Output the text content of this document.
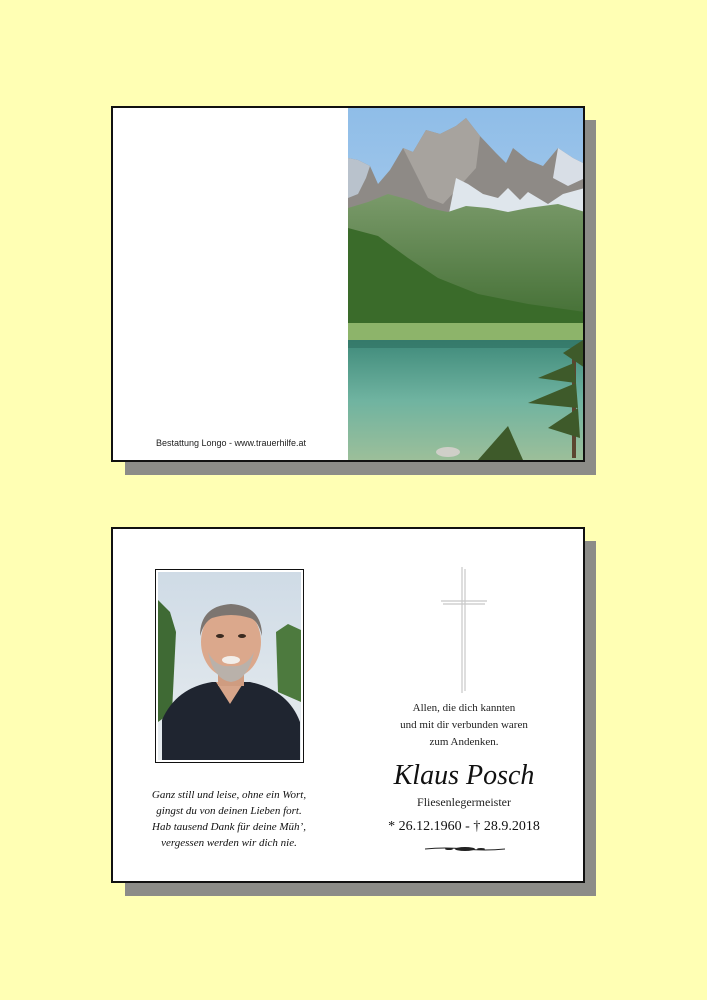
Bestattung Longo - www.trauerhilfe.at
Ganz still und leise, ohne ein Wort,
gingst du von deinen Lieben fort.
Hab tausend Dank für deine Müh’,
vergessen werden wir dich nie.
Allen, die dich kannten
und mit dir verbunden waren
zum Andenken.
Klaus Posch
Fliesenlegermeister
* 26.12.1960 - † 28.9.2018
